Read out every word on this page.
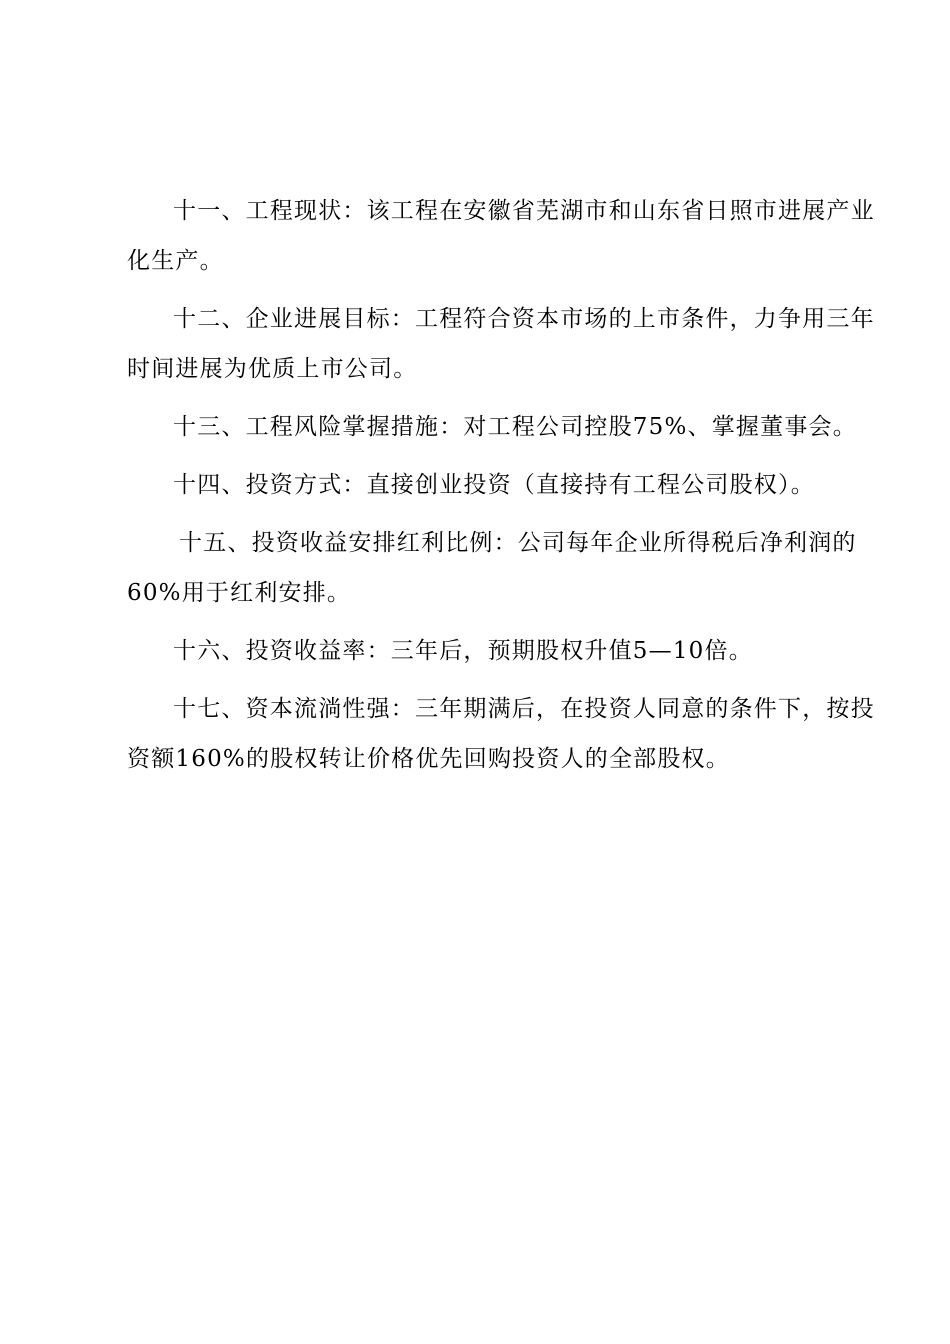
十一、工程现状：该工程在安徽省芜湖市和山东省日照市进展产业
化生产。
十二、企业进展目标：工程符合资本市场的上市条件，力争用三年
时间进展为优质上市公司。
十三、工程风险掌握措施：对工程公司控股75%、掌握董事会。
十四、投资方式：直接创业投资（直接持有工程公司股权）。
十五、投资收益安排红利比例：公司每年企业所得税后净利润的
60%用于红利安排。
十六、投资收益率：三年后，预期股权升值5—10倍。
十七、资本流淌性强：三年期满后，在投资人同意的条件下，按投
资额160%的股权转让价格优先回购投资人的全部股权。
